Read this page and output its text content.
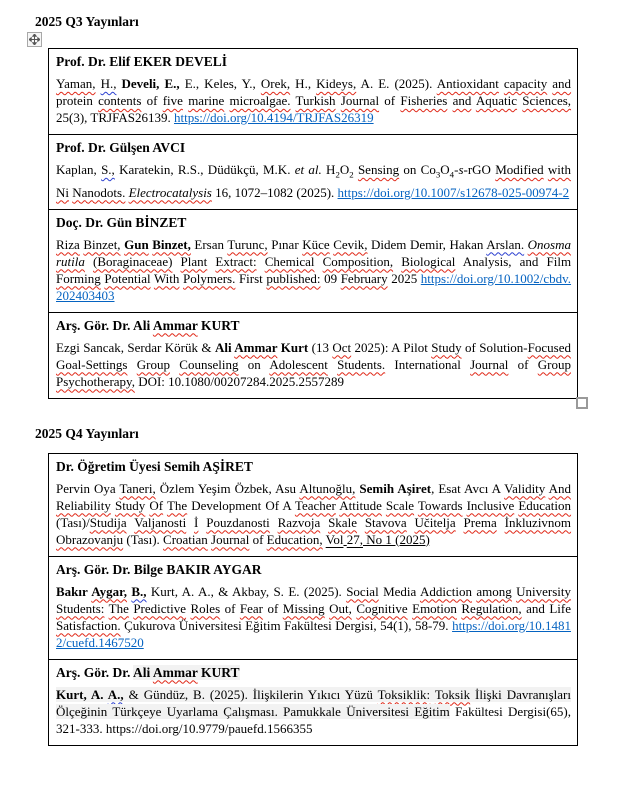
2025 Q3 Yayınları

Prof. Dr. Elif EKER DEVELİ

Yaman, H., Develi, E., E., Keles, Y., Orek, H., Kideys, A. E. (2025). Antioxidant capacity and protein contents of five marine microalgae. Turkish Journal of Fisheries and Aquatic Sciences, 25(3), TRJFAS26139. https://doi.org/10.4194/TRJFAS26319

Prof. Dr. Gülşen AVCI

Kaplan, S., Karatekin, R.S., Düdükçü, M.K. et al. $H_2O_2$ Sensing on $Co_3O_4-s$-rGO Modified with Ni Nanodots. Electrocatalysis 16, 1072–1082 (2025). https://doi.org/10.1007/s12678-025-00974-2

Doç. Dr. Gün BİNZET

Riza Binzet, Gun Binzet, Ersan Turunc, Pınar Küce Cevik, Didem Demir, Hakan Arslan. Onosma rutila (Boraginaceae) Plant Extract: Chemical Composition, Biological Analysis, and Film Forming Potential With Polymers. First published: 09 February 2025 https://doi.org/10.1002/cbdv.202403403

Arş. Gör. Dr. Ali Ammar KURT

Ezgi Sancak, Serdar Körük & Ali Ammar Kurt (13 Oct 2025): A Pilot Study of Solution-Focused Goal-Settings Group Counseling on Adolescent Students. International Journal of Group Psychotherapy, DOI: 10.1080/00207284.2025.2557289

2025 Q4 Yayınları

Dr. Öğretim Üyesi Semih AŞİRET

Pervin Oya Taneri, Özlem Yeşim Özbek, Asu Altunoğlu, Semih Aşiret, Esat Avcı A Validity And Reliability Study Of The Development Of A Teacher Attitude Scale Towards Inclusive Education (Tası)/Studija Valjanosti İ Pouzdanosti Razvoja Skale Stavova Učitelja Prema İnkluzivnom Obrazovanju (Tası). Croatian Journal of Education, Vol 27, No 1 (2025)

Arş. Gör. Dr. Bilge BAKIR AYGAR

Bakır Aygar, B., Kurt, A. A., & Akbay, S. E. (2025). Social Media Addiction among University Students: The Predictive Roles of Fear of Missing Out, Cognitive Emotion Regulation, and Life Satisfaction. Çukurova Üniversitesi Eğitim Fakültesi Dergisi, 54(1), 58-79. https://doi.org/10.14812/cuefd.1467520

Arş. Gör. Dr. Ali Ammar KURT

Kurt, A. A., & Gündüz, B. (2025). İlişkilerin Yıkıcı Yüzü Toksiklik: Toksik İlişki Davranışları Ölçeğinin Türkçeye Uyarlama Çalışması. Pamukkale Üniversitesi Eğitim Fakültesi Dergisi(65), 321-333. https://doi.org/10.9779/pauefd.1566355
